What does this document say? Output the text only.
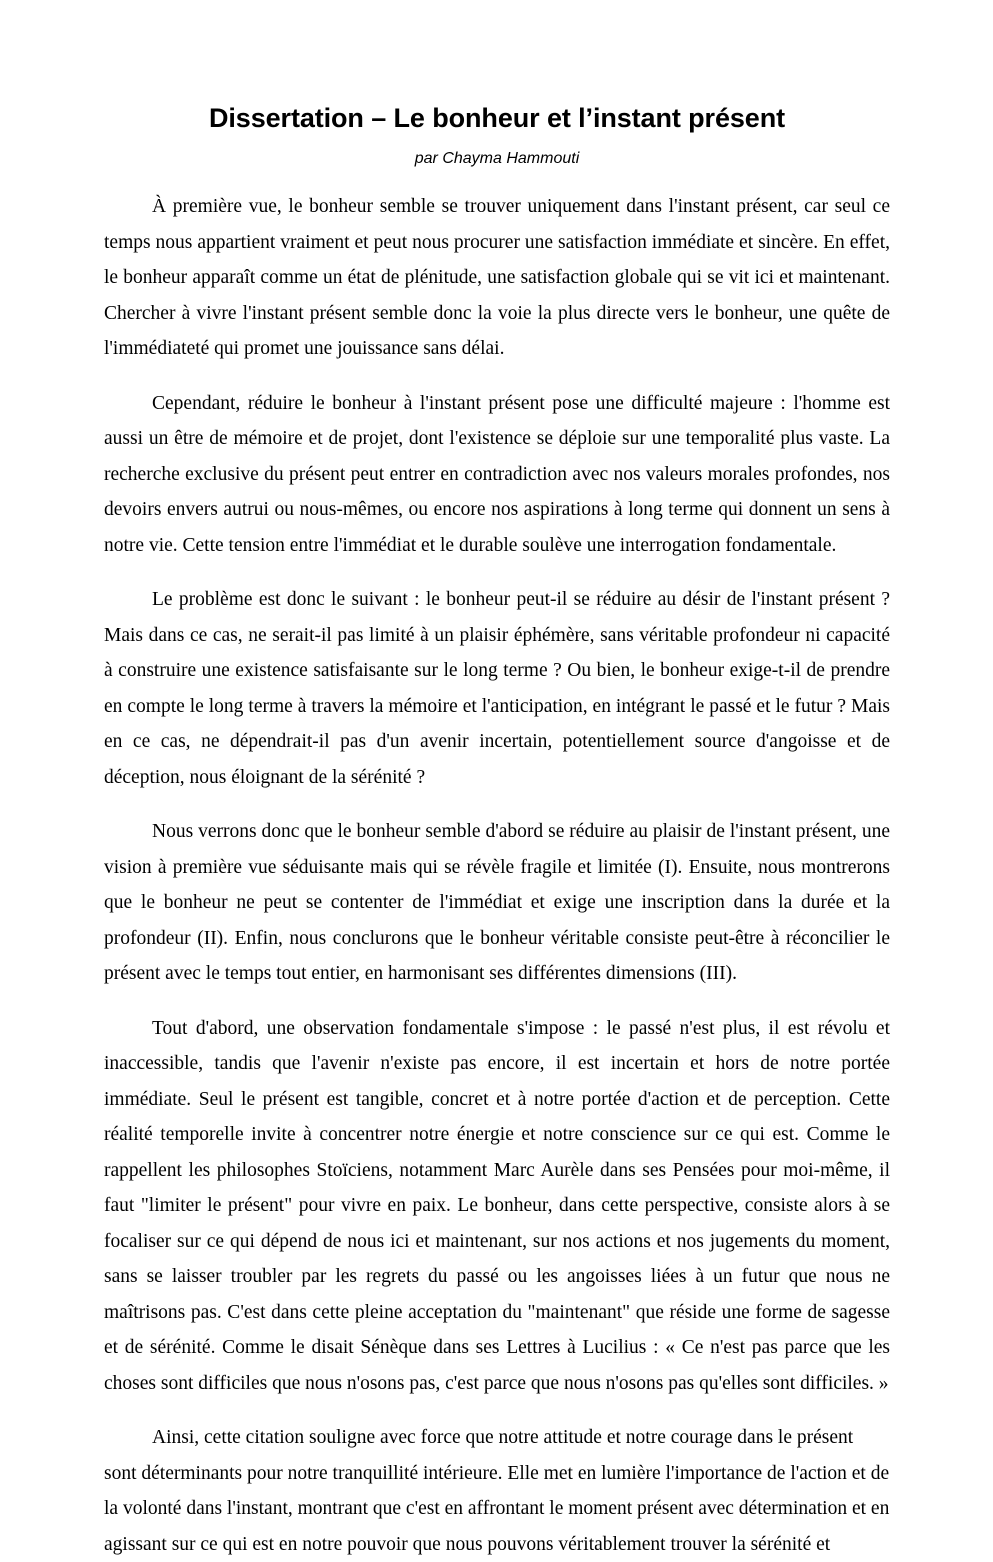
Dissertation – Le bonheur et l’instant présent

par Chayma Hammouti

À première vue, le bonheur semble se trouver uniquement dans l'instant présent, car seul ce temps nous appartient vraiment et peut nous procurer une satisfaction immédiate et sincère. En effet, le bonheur apparaît comme un état de plénitude, une satisfaction globale qui se vit ici et maintenant. Chercher à vivre l'instant présent semble donc la voie la plus directe vers le bonheur, une quête de l'immédiateté qui promet une jouissance sans délai.

Cependant, réduire le bonheur à l'instant présent pose une difficulté majeure : l'homme est aussi un être de mémoire et de projet, dont l'existence se déploie sur une temporalité plus vaste. La recherche exclusive du présent peut entrer en contradiction avec nos valeurs morales profondes, nos devoirs envers autrui ou nous-mêmes, ou encore nos aspirations à long terme qui donnent un sens à notre vie. Cette tension entre l'immédiat et le durable soulève une interrogation fondamentale.

Le problème est donc le suivant : le bonheur peut-il se réduire au désir de l'instant présent ? Mais dans ce cas, ne serait-il pas limité à un plaisir éphémère, sans véritable profondeur ni capacité à construire une existence satisfaisante sur le long terme ? Ou bien, le bonheur exige-t-il de prendre en compte le long terme à travers la mémoire et l'anticipation, en intégrant le passé et le futur ? Mais en ce cas, ne dépendrait-il pas d'un avenir incertain, potentiellement source d'angoisse et de déception, nous éloignant de la sérénité ?

Nous verrons donc que le bonheur semble d'abord se réduire au plaisir de l'instant présent, une vision à première vue séduisante mais qui se révèle fragile et limitée (I). Ensuite, nous montrerons que le bonheur ne peut se contenter de l'immédiat et exige une inscription dans la durée et la profondeur (II). Enfin, nous conclurons que le bonheur véritable consiste peut-être à réconcilier le présent avec le temps tout entier, en harmonisant ses différentes dimensions (III).

Tout d'abord, une observation fondamentale s'impose : le passé n'est plus, il est révolu et inaccessible, tandis que l'avenir n'existe pas encore, il est incertain et hors de notre portée immédiate. Seul le présent est tangible, concret et à notre portée d'action et de perception. Cette réalité temporelle invite à concentrer notre énergie et notre conscience sur ce qui est. Comme le rappellent les philosophes Stoïciens, notamment Marc Aurèle dans ses Pensées pour moi-même, il faut "limiter le présent" pour vivre en paix. Le bonheur, dans cette perspective, consiste alors à se focaliser sur ce qui dépend de nous ici et maintenant, sur nos actions et nos jugements du moment, sans se laisser troubler par les regrets du passé ou les angoisses liées à un futur que nous ne maîtrisons pas. C'est dans cette pleine acceptation du "maintenant" que réside une forme de sagesse et de sérénité. Comme le disait Sénèque dans ses Lettres à Lucilius : « Ce n'est pas parce que les choses sont difficiles que nous n'osons pas, c'est parce que nous n'osons pas qu'elles sont difficiles. »

Ainsi, cette citation souligne avec force que notre attitude et notre courage dans le présent sont déterminants pour notre tranquillité intérieure. Elle met en lumière l'importance de l'action et de la volonté dans l'instant, montrant que c'est en affrontant le moment présent avec détermination et en agissant sur ce qui est en notre pouvoir que nous pouvons véritablement trouver la sérénité et
